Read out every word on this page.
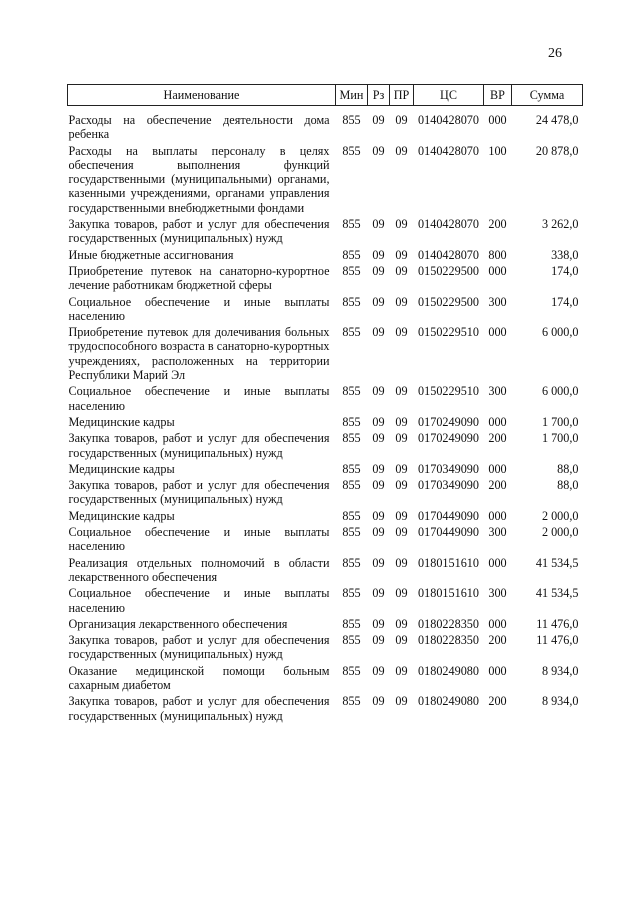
26
Наименование	Мин	Рз	ПР	ЦС	ВР	Сумма

Расходы на обеспечение деятельности дома ребенка	855	09	09	0140428070	000	24 478,0
Расходы на выплаты персоналу в целях обеспечения выполнения функций государственными (муниципальными) органами, казенными учреждениями, органами управления государственными внебюджетными фондами	855	09	09	0140428070	100	20 878,0
Закупка товаров, работ и услуг для обеспечения государственных (муниципальных) нужд	855	09	09	0140428070	200	3 262,0
Иные бюджетные ассигнования	855	09	09	0140428070	800	338,0
Приобретение путевок на санаторно-курортное лечение работникам бюджетной сферы	855	09	09	0150229500	000	174,0
Социальное обеспечение и иные выплаты населению	855	09	09	0150229500	300	174,0
Приобретение путевок для долечивания больных трудоспособного возраста в санаторно-курортных учреждениях, расположенных на территории Республики Марий Эл	855	09	09	0150229510	000	6 000,0
Социальное обеспечение и иные выплаты населению	855	09	09	0150229510	300	6 000,0
Медицинские кадры	855	09	09	0170249090	000	1 700,0
Закупка товаров, работ и услуг для обеспечения государственных (муниципальных) нужд	855	09	09	0170249090	200	1 700,0
Медицинские кадры	855	09	09	0170349090	000	88,0
Закупка товаров, работ и услуг для обеспечения государственных (муниципальных) нужд	855	09	09	0170349090	200	88,0
Медицинские кадры	855	09	09	0170449090	000	2 000,0
Социальное обеспечение и иные выплаты населению	855	09	09	0170449090	300	2 000,0
Реализация отдельных полномочий в области лекарственного обеспечения	855	09	09	0180151610	000	41 534,5
Социальное обеспечение и иные выплаты населению	855	09	09	0180151610	300	41 534,5
Организация лекарственного обеспечения	855	09	09	0180228350	000	11 476,0
Закупка товаров, работ и услуг для обеспечения государственных (муниципальных) нужд	855	09	09	0180228350	200	11 476,0
Оказание медицинской помощи больным сахарным диабетом	855	09	09	0180249080	000	8 934,0
Закупка товаров, работ и услуг для обеспечения государственных (муниципальных) нужд	855	09	09	0180249080	200	8 934,0
